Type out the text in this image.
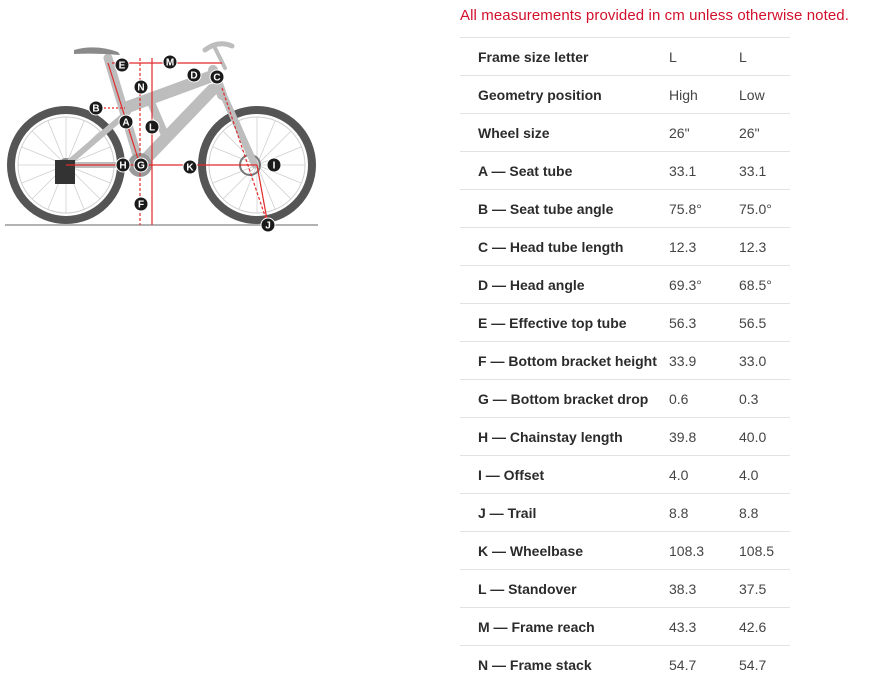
A
B
C
D
E
F
G
H	I
J
K
L
M
N
All measurements provided in cm unless otherwise noted.
Frame size letter	L	L
Geometry position	High	Low
Wheel size	26"	26"
A — Seat tube	33.1	33.1
B — Seat tube angle	75.8°	75.0°
C — Head tube length	12.3	12.3
D — Head angle	69.3°	68.5°
E — Effective top tube	56.3	56.5
F — Bottom bracket height	33.9	33.0
G — Bottom bracket drop	0.6	0.3
H — Chainstay length	39.8	40.0
I — Offset	4.0	4.0
J — Trail	8.8	8.8
K — Wheelbase	108.3	108.5
L — Standover	38.3	37.5
M — Frame reach	43.3	42.6
N — Frame stack	54.7	54.7
